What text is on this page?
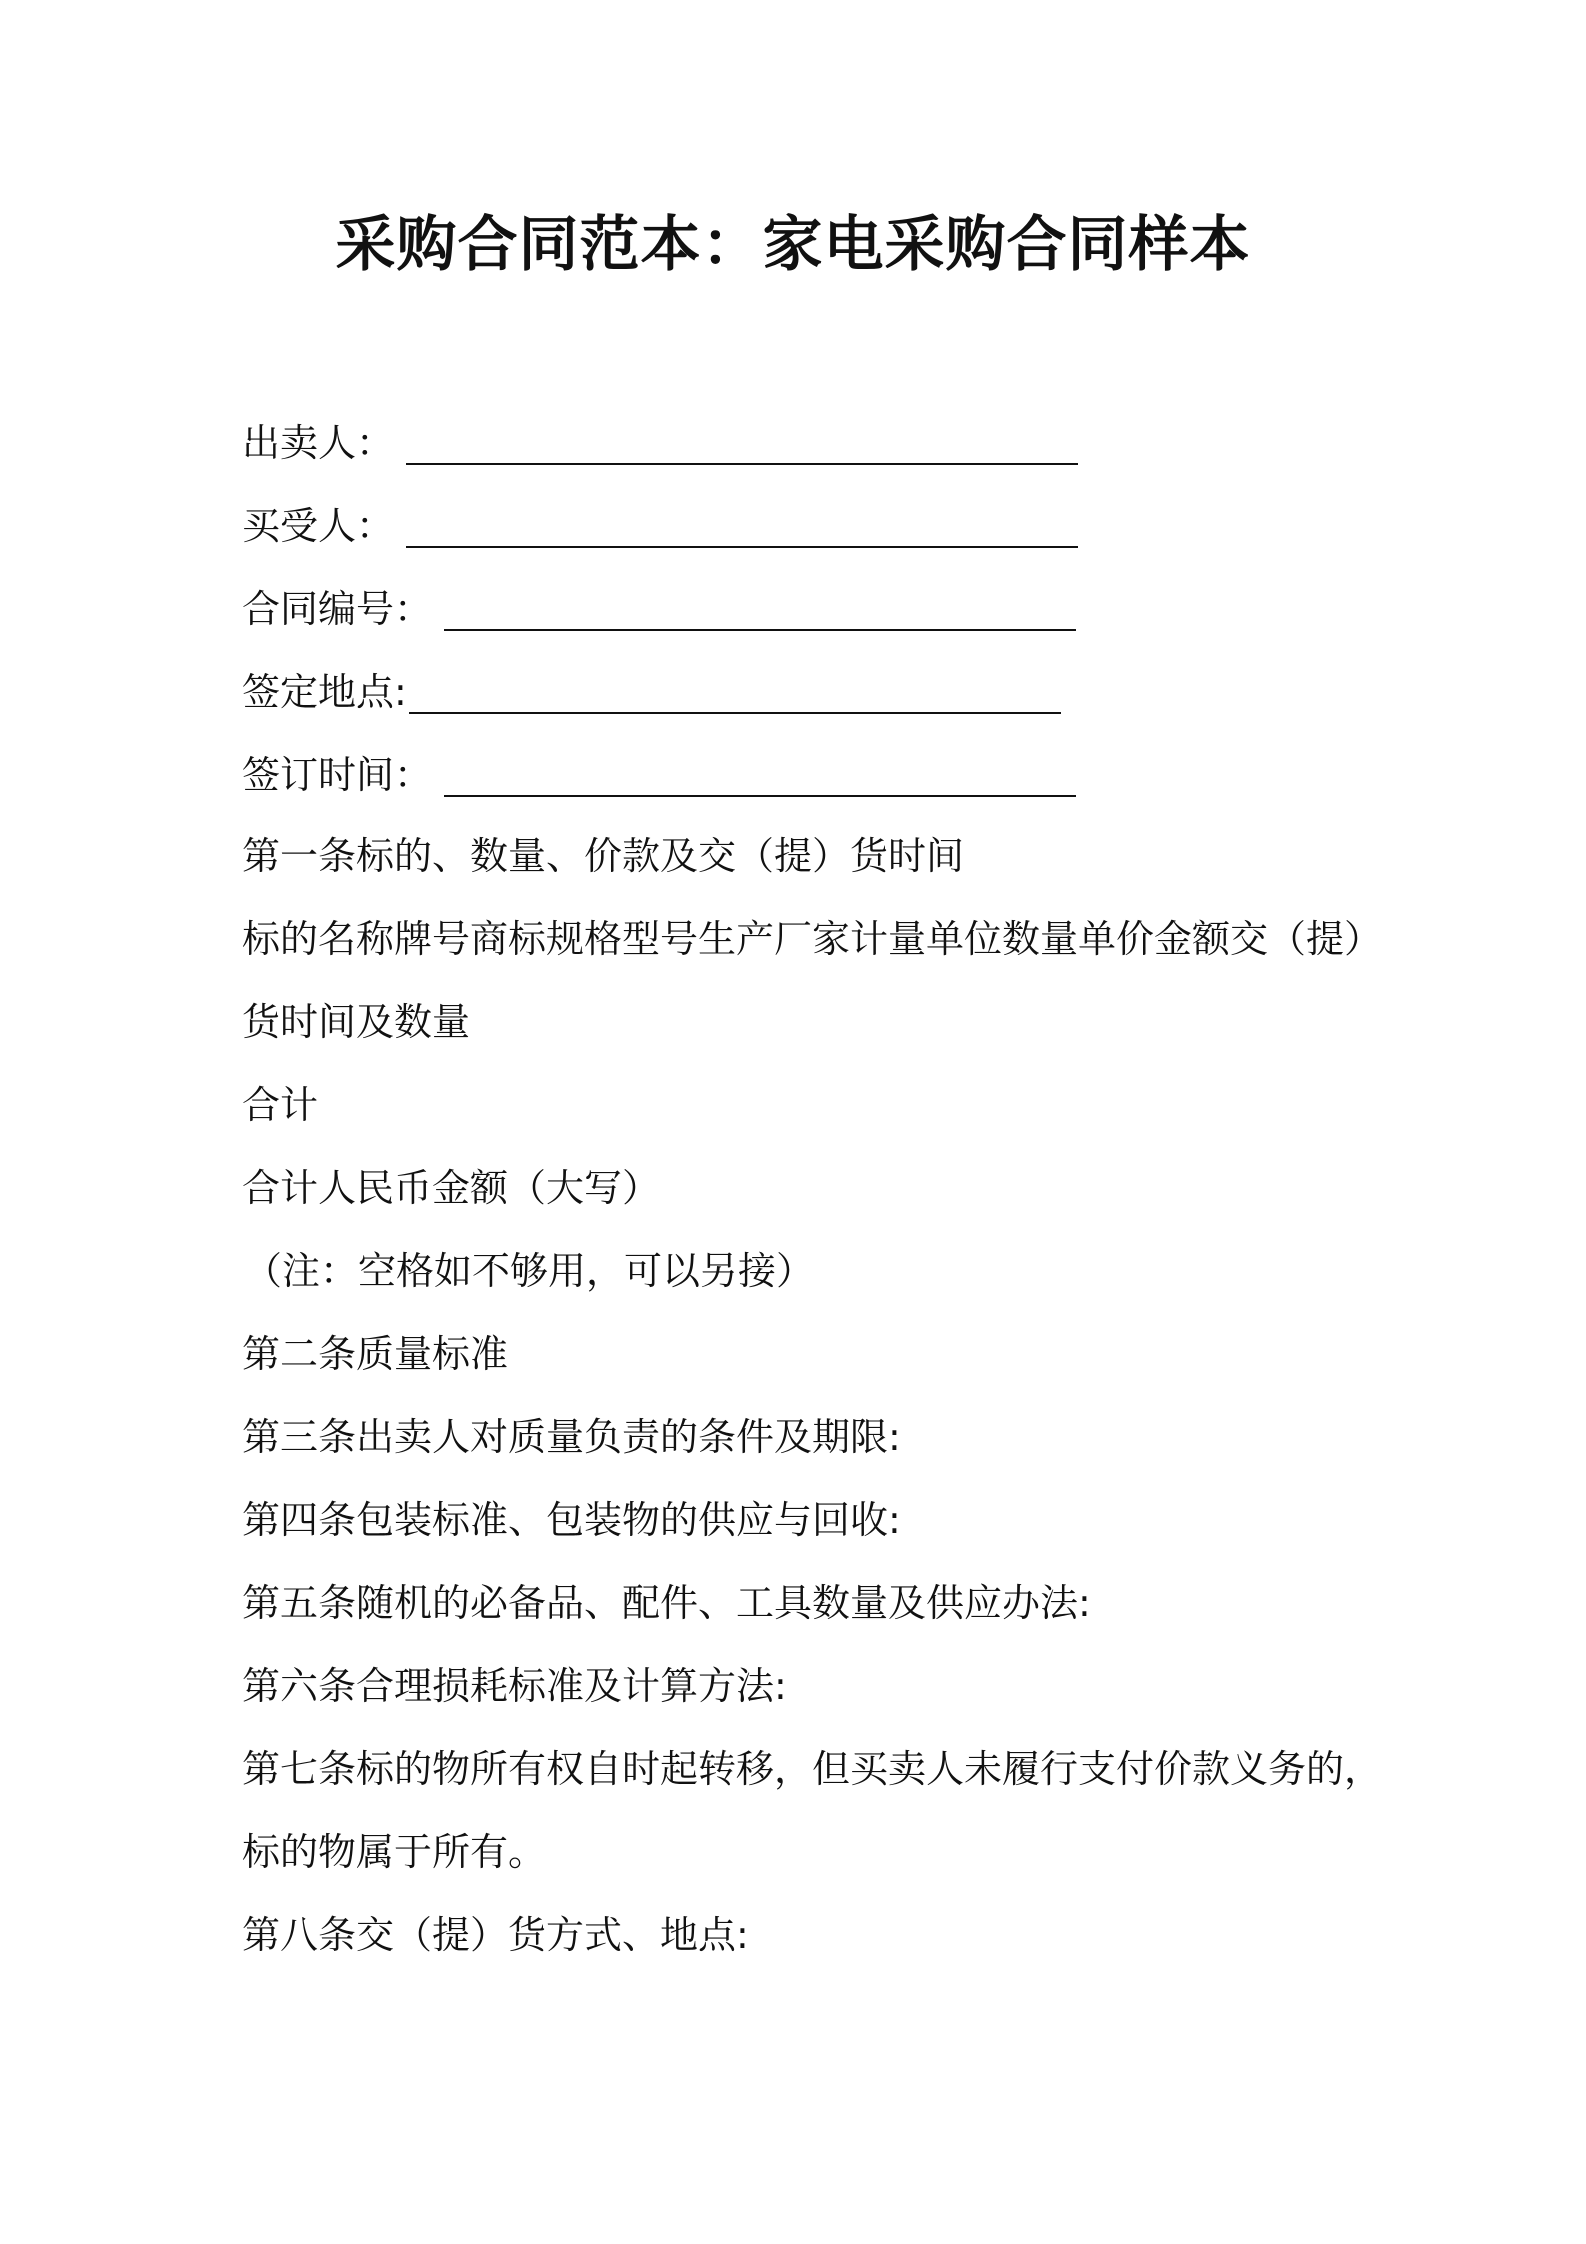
采购合同范本：家电采购合同样本
出卖人：
买受人：
合同编号：
签定地点:
签订时间：

第一条标的、数量、价款及交（提）货时间

标的名称牌号商标规格型号生产厂家计量单位数量单价金额交（提）

货时间及数量

合计

合计人民币金额（大写）

（注：空格如不够用，可以另接）

第二条质量标准

第三条出卖人对质量负责的条件及期限:

第四条包装标准、包装物的供应与回收:

第五条随机的必备品、配件、工具数量及供应办法:

第六条合理损耗标准及计算方法:

第七条标的物所有权自时起转移，但买卖人未履行支付价款义务的，

标的物属于所有。

第八条交（提）货方式、地点:
